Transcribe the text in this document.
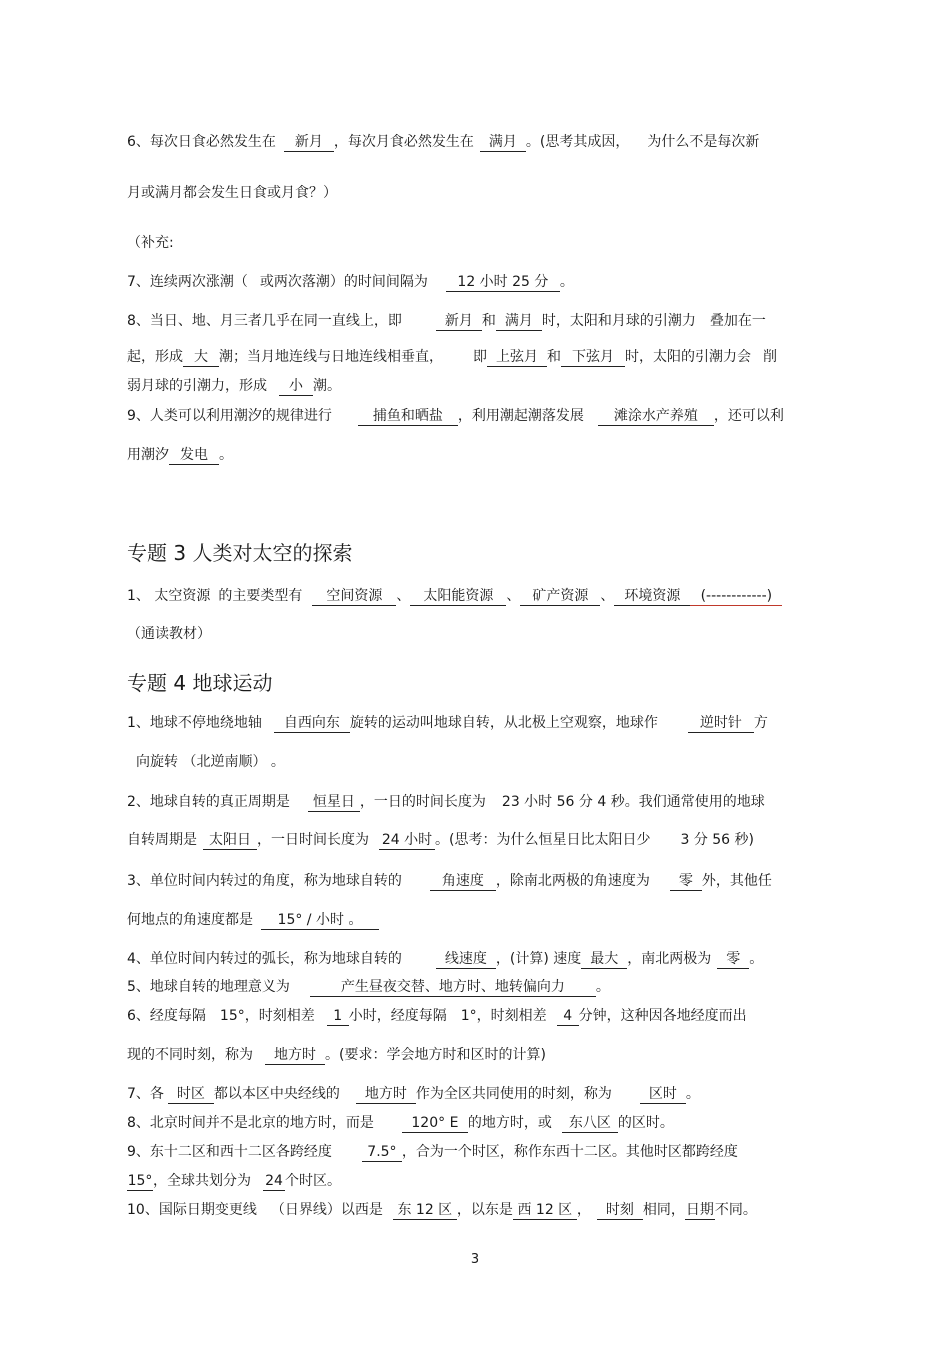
6、每次日食必然发生在 新月 ，每次月食必然发生在 满月 。(思考其成因， 为什么不是每次新
月或满月都会发生日食或月食？）
（补充:
7、连续两次涨潮（ 或两次落潮）的时间间隔为 12 小时 25 分 。
8、当日、地、月三者几乎在同一直线上，即	新月 和 满月 时，太阳和月球的引潮力 叠加在一
起，形成 大 潮；当月地连线与日地连线相垂直， 即 上弦月 和 下弦月 时，太阳的引潮力会 削
弱月球的引潮力，形成 小 潮。
9、人类可以利用潮汐的规律进行	捕鱼和晒盐 ，利用潮起潮落发展 滩涂水产养殖 ，还可以利
用潮汐 发电 。
专题 3 人类对太空的探索
1、 太空资源 的主要类型有 空间资源 、 太阳能资源 、 矿产资源 、 环境资源 (------------)
（通读教材）
专题 4 地球运动
1、地球不停地绕地轴 自西向东 旋转的运动叫地球自转，从北极上空观察，地球作	逆时针 方
向旋转 （北逆南顺） 。
2、地球自转的真正周期是 恒星日 ，一日的时间长度为 23 小时 56 分 4 秒。我们通常使用的地球
自转周期是 太阳日 ，一日时间长度为 24 小时 。(思考：为什么恒星日比太阳日少 3 分 56 秒)
3、单位时间内转过的角度，称为地球自转的	角速度 ，除南北两极的角速度为 零 外，其他任
何地点的角速度都是 15° / 小时 。
4、单位时间内转过的弧长，称为地球自转的	线速度 ，(计算) 速度 最大 ，南北两极为 零 。
5、地球自转的地理意义为	产生昼夜交替、地方时、地转偏向力 。
6、经度每隔 15°，时刻相差 1 小时，经度每隔 1°，时刻相差 4 分钟，这种因各地经度而出
现的不同时刻，称为 地方时 。(要求：学会地方时和区时的计算)
7、各 时区 都以本区中央经线的 地方时 作为全区共同使用的时刻，称为	区时 。
8、北京时间并不是北京的地方时，而是	120° E 的地方时，或 东八区 的区时。
9、东十二区和西十二区各跨经度	7.5° ，合为一个时区，称作东西十二区。其他时区都跨经度
15°，全球共划分为 24 个时区。
10、国际日期变更线 （日界线）以西是 东 12 区 ，以东是 西 12 区 ， 时刻 相同，日期不同。
3
